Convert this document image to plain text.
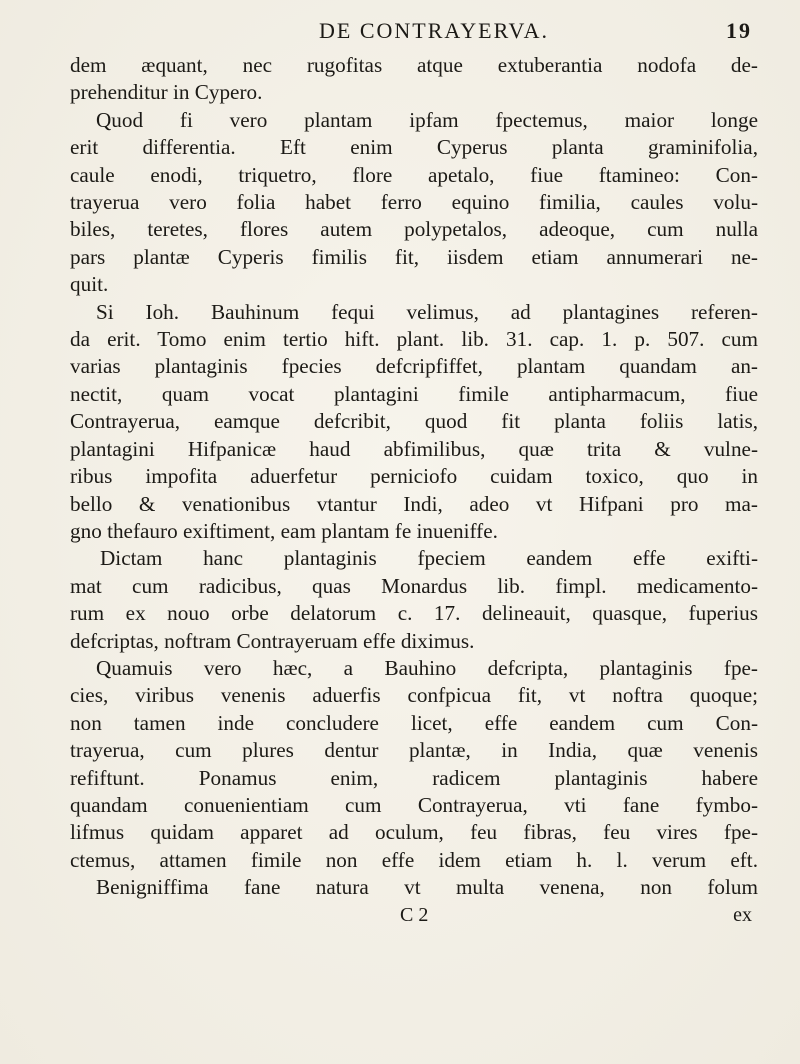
DE CONTRAYERVA.	19

dem æquant, nec rugofitas atque extuberantia nodofa de-

prehenditur in Cypero.

Quod fi vero plantam ipfam fpectemus, maior longe

erit differentia. Eft enim Cyperus planta graminifolia,

caule enodi, triquetro, flore apetalo, fiue ftamineo: Con-

trayerua vero folia habet ferro equino fimilia, caules volu-

biles, teretes, flores autem polypetalos, adeoque, cum nulla

pars plantæ Cyperis fimilis fit, iisdem etiam annumerari ne-

quit.

Si Ioh. Bauhinum fequi velimus, ad plantagines referen-

da erit. Tomo enim tertio hift. plant. lib. 31. cap. 1. p. 507. cum

varias plantaginis fpecies defcripfiffet, plantam quandam an-

nectit, quam vocat plantagini fimile antipharmacum, fiue

Contrayerua, eamque defcribit, quod fit planta foliis latis,

plantagini Hifpanicæ haud abfimilibus, quæ trita & vulne-

ribus impofita aduerfetur perniciofo cuidam toxico, quo in

bello & venationibus vtantur Indi, adeo vt Hifpani pro ma-

gno thefauro exiftiment, eam plantam fe inueniffe.

Dictam hanc plantaginis fpeciem eandem effe exifti-

mat cum radicibus, quas Monardus lib. fimpl. medicamento-

rum ex nouo orbe delatorum c. 17. delineauit, quasque, fuperius

defcriptas, noftram Contrayeruam effe diximus.

Quamuis vero hæc, a Bauhino defcripta, plantaginis fpe-

cies, viribus venenis aduerfis confpicua fit, vt noftra quoque;

non tamen inde concludere licet, effe eandem cum Con-

trayerua, cum plures dentur plantæ, in India, quæ venenis

refiftunt. Ponamus enim, radicem plantaginis habere

quandam conuenientiam cum Contrayerua, vti fane fymbo-

lifmus quidam apparet ad oculum, feu fibras, feu vires fpe-

ctemus, attamen fimile non effe idem etiam h. l. verum eft.

Benigniffima fane natura vt multa venena, non folum

C 2	ex
